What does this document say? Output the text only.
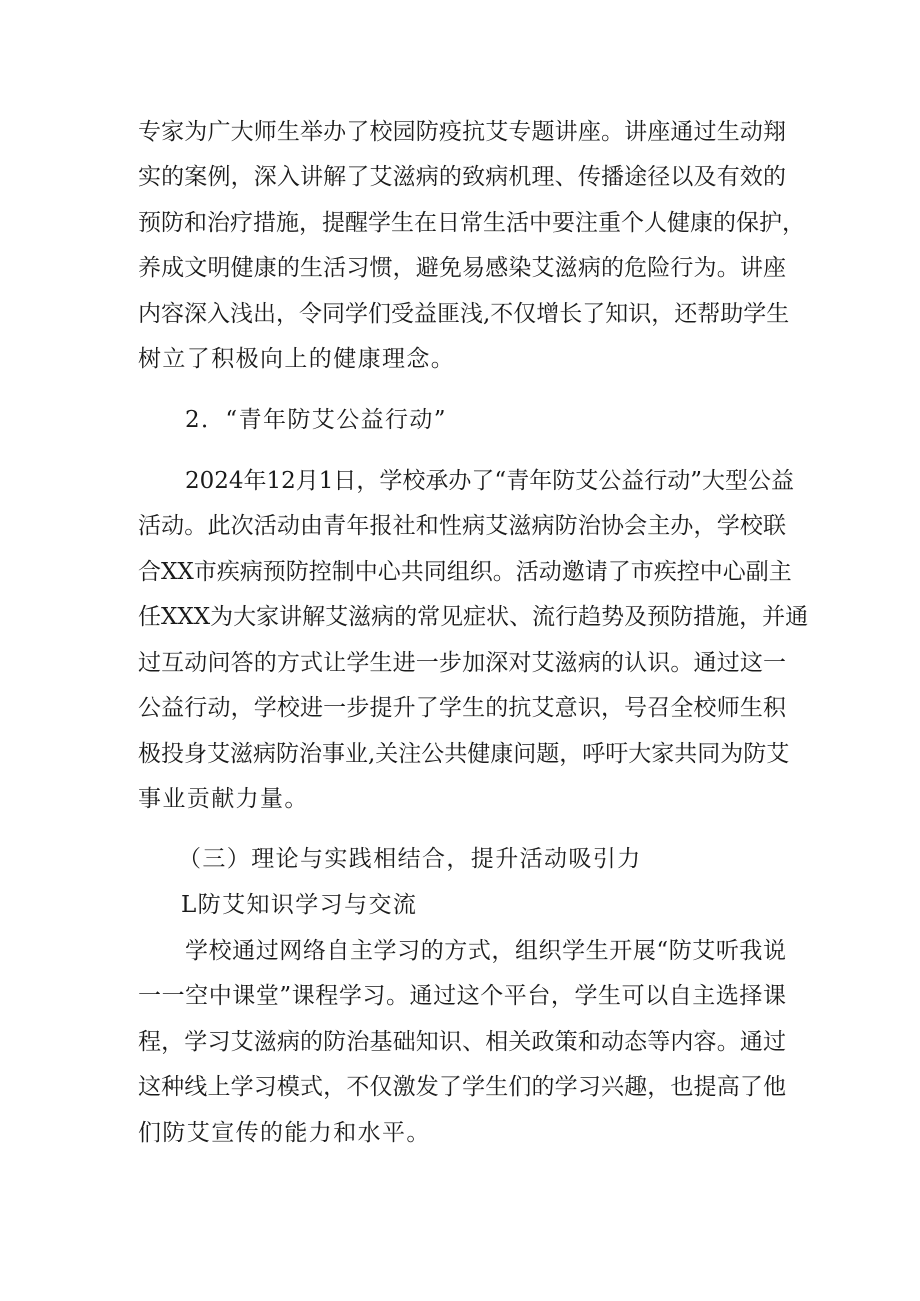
专家为广大师生举办了校园防疫抗艾专题讲座。讲座通过生动翔

实的案例，深入讲解了艾滋病的致病机理、传播途径以及有效的

预防和治疗措施，提醒学生在日常生活中要注重个人健康的保护，

养成文明健康的生活习惯，避免易感染艾滋病的危险行为。讲座

内容深入浅出，令同学们受益匪浅,不仅增长了知识，还帮助学生

树立了积极向上的健康理念。

2．“青年防艾公益行动”

2024年12月1日，学校承办了“青年防艾公益行动”大型公益

活动。此次活动由青年报社和性病艾滋病防治协会主办，学校联

合XX市疾病预防控制中心共同组织。活动邀请了市疾控中心副主

任XXX为大家讲解艾滋病的常见症状、流行趋势及预防措施，并通

过互动问答的方式让学生进一步加深对艾滋病的认识。通过这一

公益行动，学校进一步提升了学生的抗艾意识，号召全校师生积

极投身艾滋病防治事业,关注公共健康问题，呼吁大家共同为防艾

事业贡献力量。

（三）理论与实践相结合，提升活动吸引力

L防艾知识学习与交流

学校通过网络自主学习的方式，组织学生开展“防艾听我说

一一空中课堂”课程学习。通过这个平台，学生可以自主选择课

程，学习艾滋病的防治基础知识、相关政策和动态等内容。通过

这种线上学习模式，不仅激发了学生们的学习兴趣，也提高了他

们防艾宣传的能力和水平。
